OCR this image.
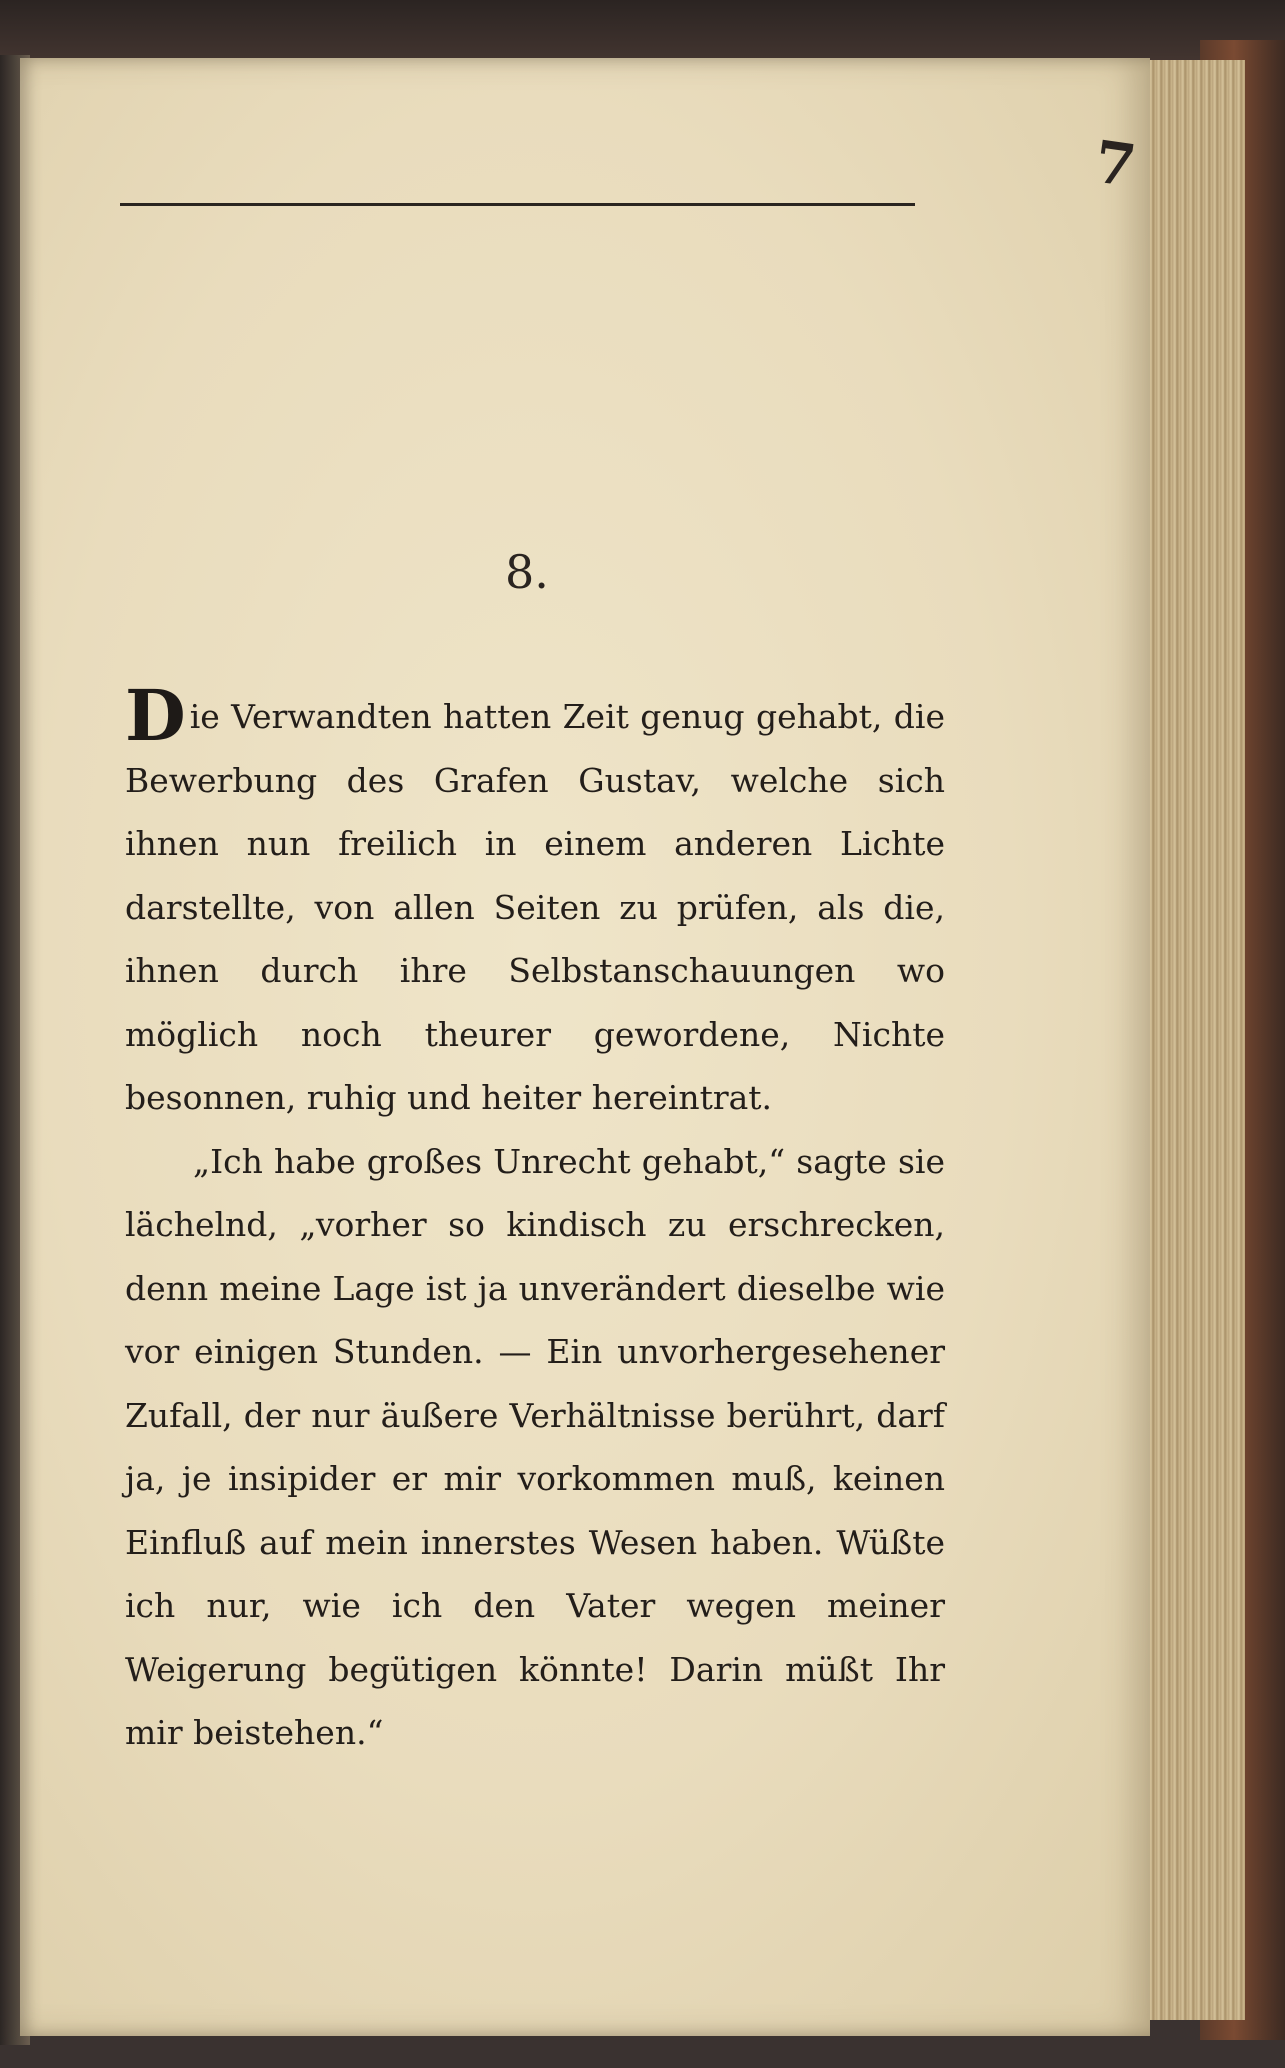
7
8.

Die Verwandten hatten Zeit genug gehabt, die Bewerbung des Grafen Gustav, welche sich ihnen nun freilich in einem anderen Lichte darstellte, von allen Seiten zu prüfen, als die, ihnen durch ihre Selbstanschauungen wo möglich noch theurer gewordene, Nichte besonnen, ruhig und heiter hereintrat.

„Ich habe großes Unrecht gehabt,“ sagte sie lächelnd, „vorher so kindisch zu erschrecken, denn meine Lage ist ja unverändert dieselbe wie vor einigen Stunden. — Ein unvorhergesehener Zufall, der nur äußere Verhältnisse berührt, darf ja, je insipider er mir vorkommen muß, keinen Einfluß auf mein innerstes Wesen haben. Wüßte ich nur, wie ich den Vater wegen meiner Weigerung begütigen könnte! Darin müßt Ihr mir beistehen.“
